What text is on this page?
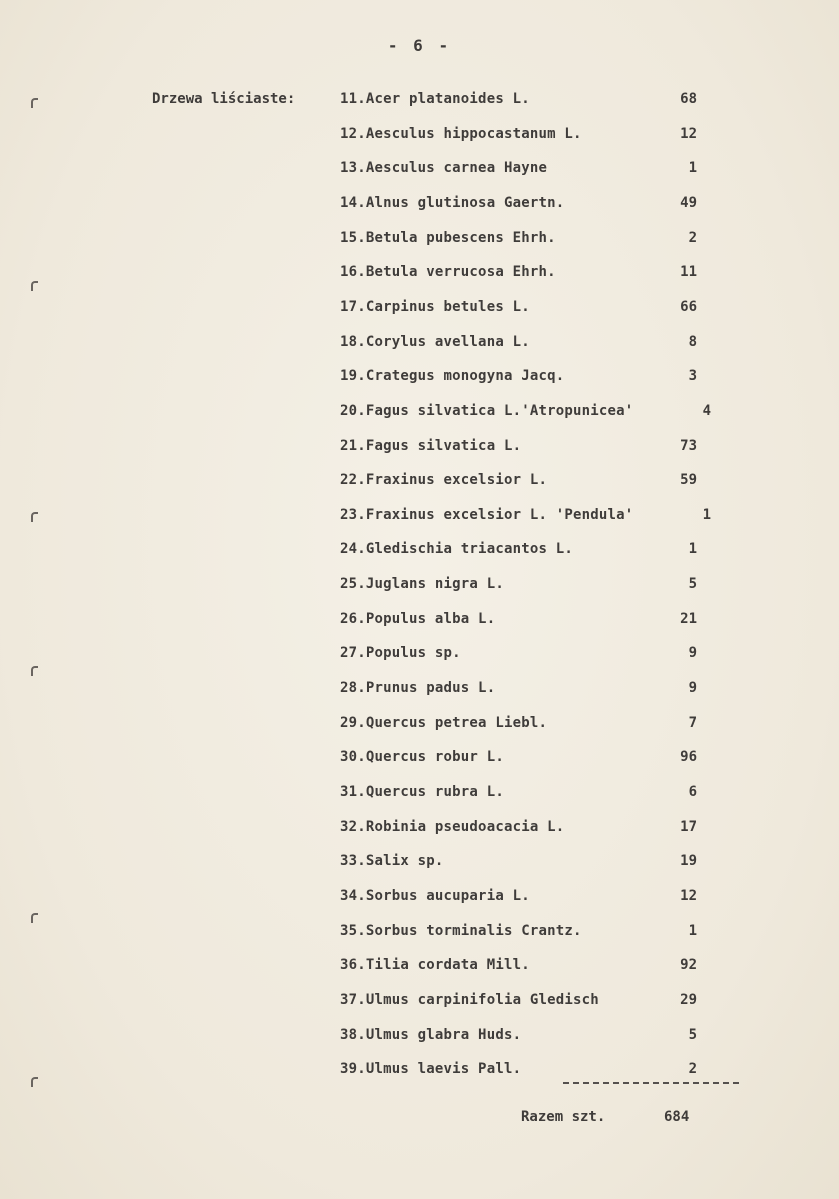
- 6 -
Drzewa liściaste:	11.Acer platanoides L.	68
12.Aesculus hippocastanum L.	12
13.Aesculus carnea Hayne	1
14.Alnus glutinosa Gaertn.	49
15.Betula pubescens Ehrh.	2
16.Betula verrucosa Ehrh.	11
17.Carpinus betules L.	66
18.Corylus avellana L.	8
19.Crategus monogyna Jacq.	3
20.Fagus silvatica L.'Atropunicea'	4
21.Fagus silvatica L.	73
22.Fraxinus excelsior L.	59
23.Fraxinus excelsior L. 'Pendula'	1
24.Gledischia triacantos L.	1
25.Juglans nigra L.	5
26.Populus alba L.	21
27.Populus sp.	9
28.Prunus padus L.	9
29.Quercus petrea Liebl.	7
30.Quercus robur L.	96
31.Quercus rubra L.	6
32.Robinia pseudoacacia L.	17
33.Salix sp.	19
34.Sorbus aucuparia L.	12
35.Sorbus torminalis Crantz.	1
36.Tilia cordata Mill.	92
37.Ulmus carpinifolia Gledisch	29
38.Ulmus glabra Huds.	5
39.Ulmus laevis Pall.	2
Razem szt.	684
